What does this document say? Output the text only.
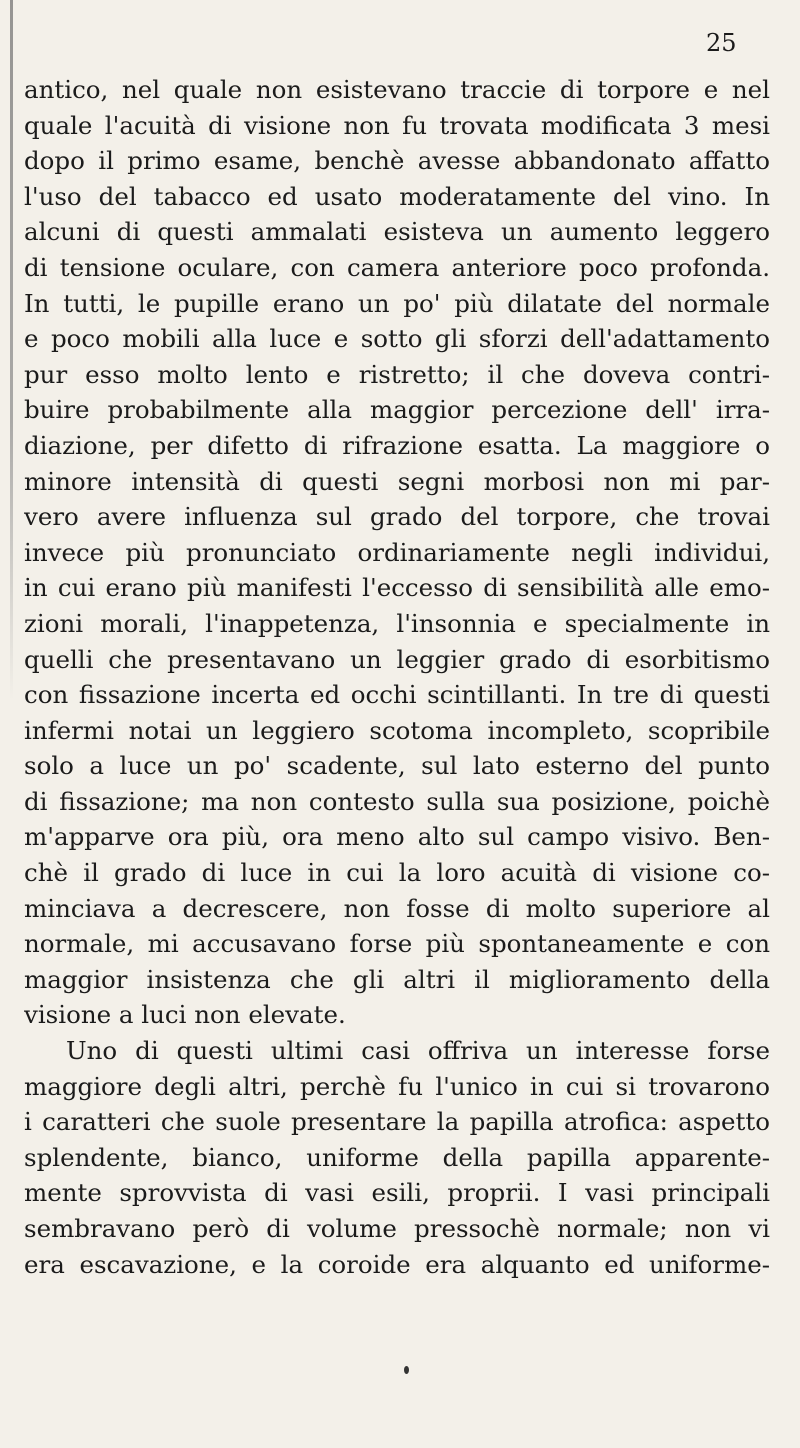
25
antico, nel quale non esistevano traccie di torpore e nel
quale l'acuità di visione non fu trovata modificata 3 mesi
dopo il primo esame, benchè avesse abbandonato affatto
l'uso del tabacco ed usato moderatamente del vino. In
alcuni di questi ammalati esisteva un aumento leggero
di tensione oculare, con camera anteriore poco profonda.
In tutti, le pupille erano un po' più dilatate del normale
e poco mobili alla luce e sotto gli sforzi dell'adattamento
pur esso molto lento e ristretto; il che doveva contri-
buire probabilmente alla maggior percezione dell' irra-
diazione, per difetto di rifrazione esatta. La maggiore o
minore intensità di questi segni morbosi non mi par-
vero avere influenza sul grado del torpore, che trovai
invece più pronunciato ordinariamente negli individui,
in cui erano più manifesti l'eccesso di sensibilità alle emo-
zioni morali, l'inappetenza, l'insonnia e specialmente in
quelli che presentavano un leggier grado di esorbitismo
con fissazione incerta ed occhi scintillanti. In tre di questi
infermi notai un leggiero scotoma incompleto, scopribile
solo a luce un po' scadente, sul lato esterno del punto
di fissazione; ma non contesto sulla sua posizione, poichè
m'apparve ora più, ora meno alto sul campo visivo. Ben-
chè il grado di luce in cui la loro acuità di visione co-
minciava a decrescere, non fosse di molto superiore al
normale, mi accusavano forse più spontaneamente e con
maggior insistenza che gli altri il miglioramento della
visione a luci non elevate.
Uno di questi ultimi casi offriva un interesse forse
maggiore degli altri, perchè fu l'unico in cui si trovarono
i caratteri che suole presentare la papilla atrofica: aspetto
splendente, bianco, uniforme della papilla apparente-
mente sprovvista di vasi esili, proprii. I vasi principali
sembravano però di volume pressochè normale; non vi
era escavazione, e la coroide era alquanto ed uniforme-
